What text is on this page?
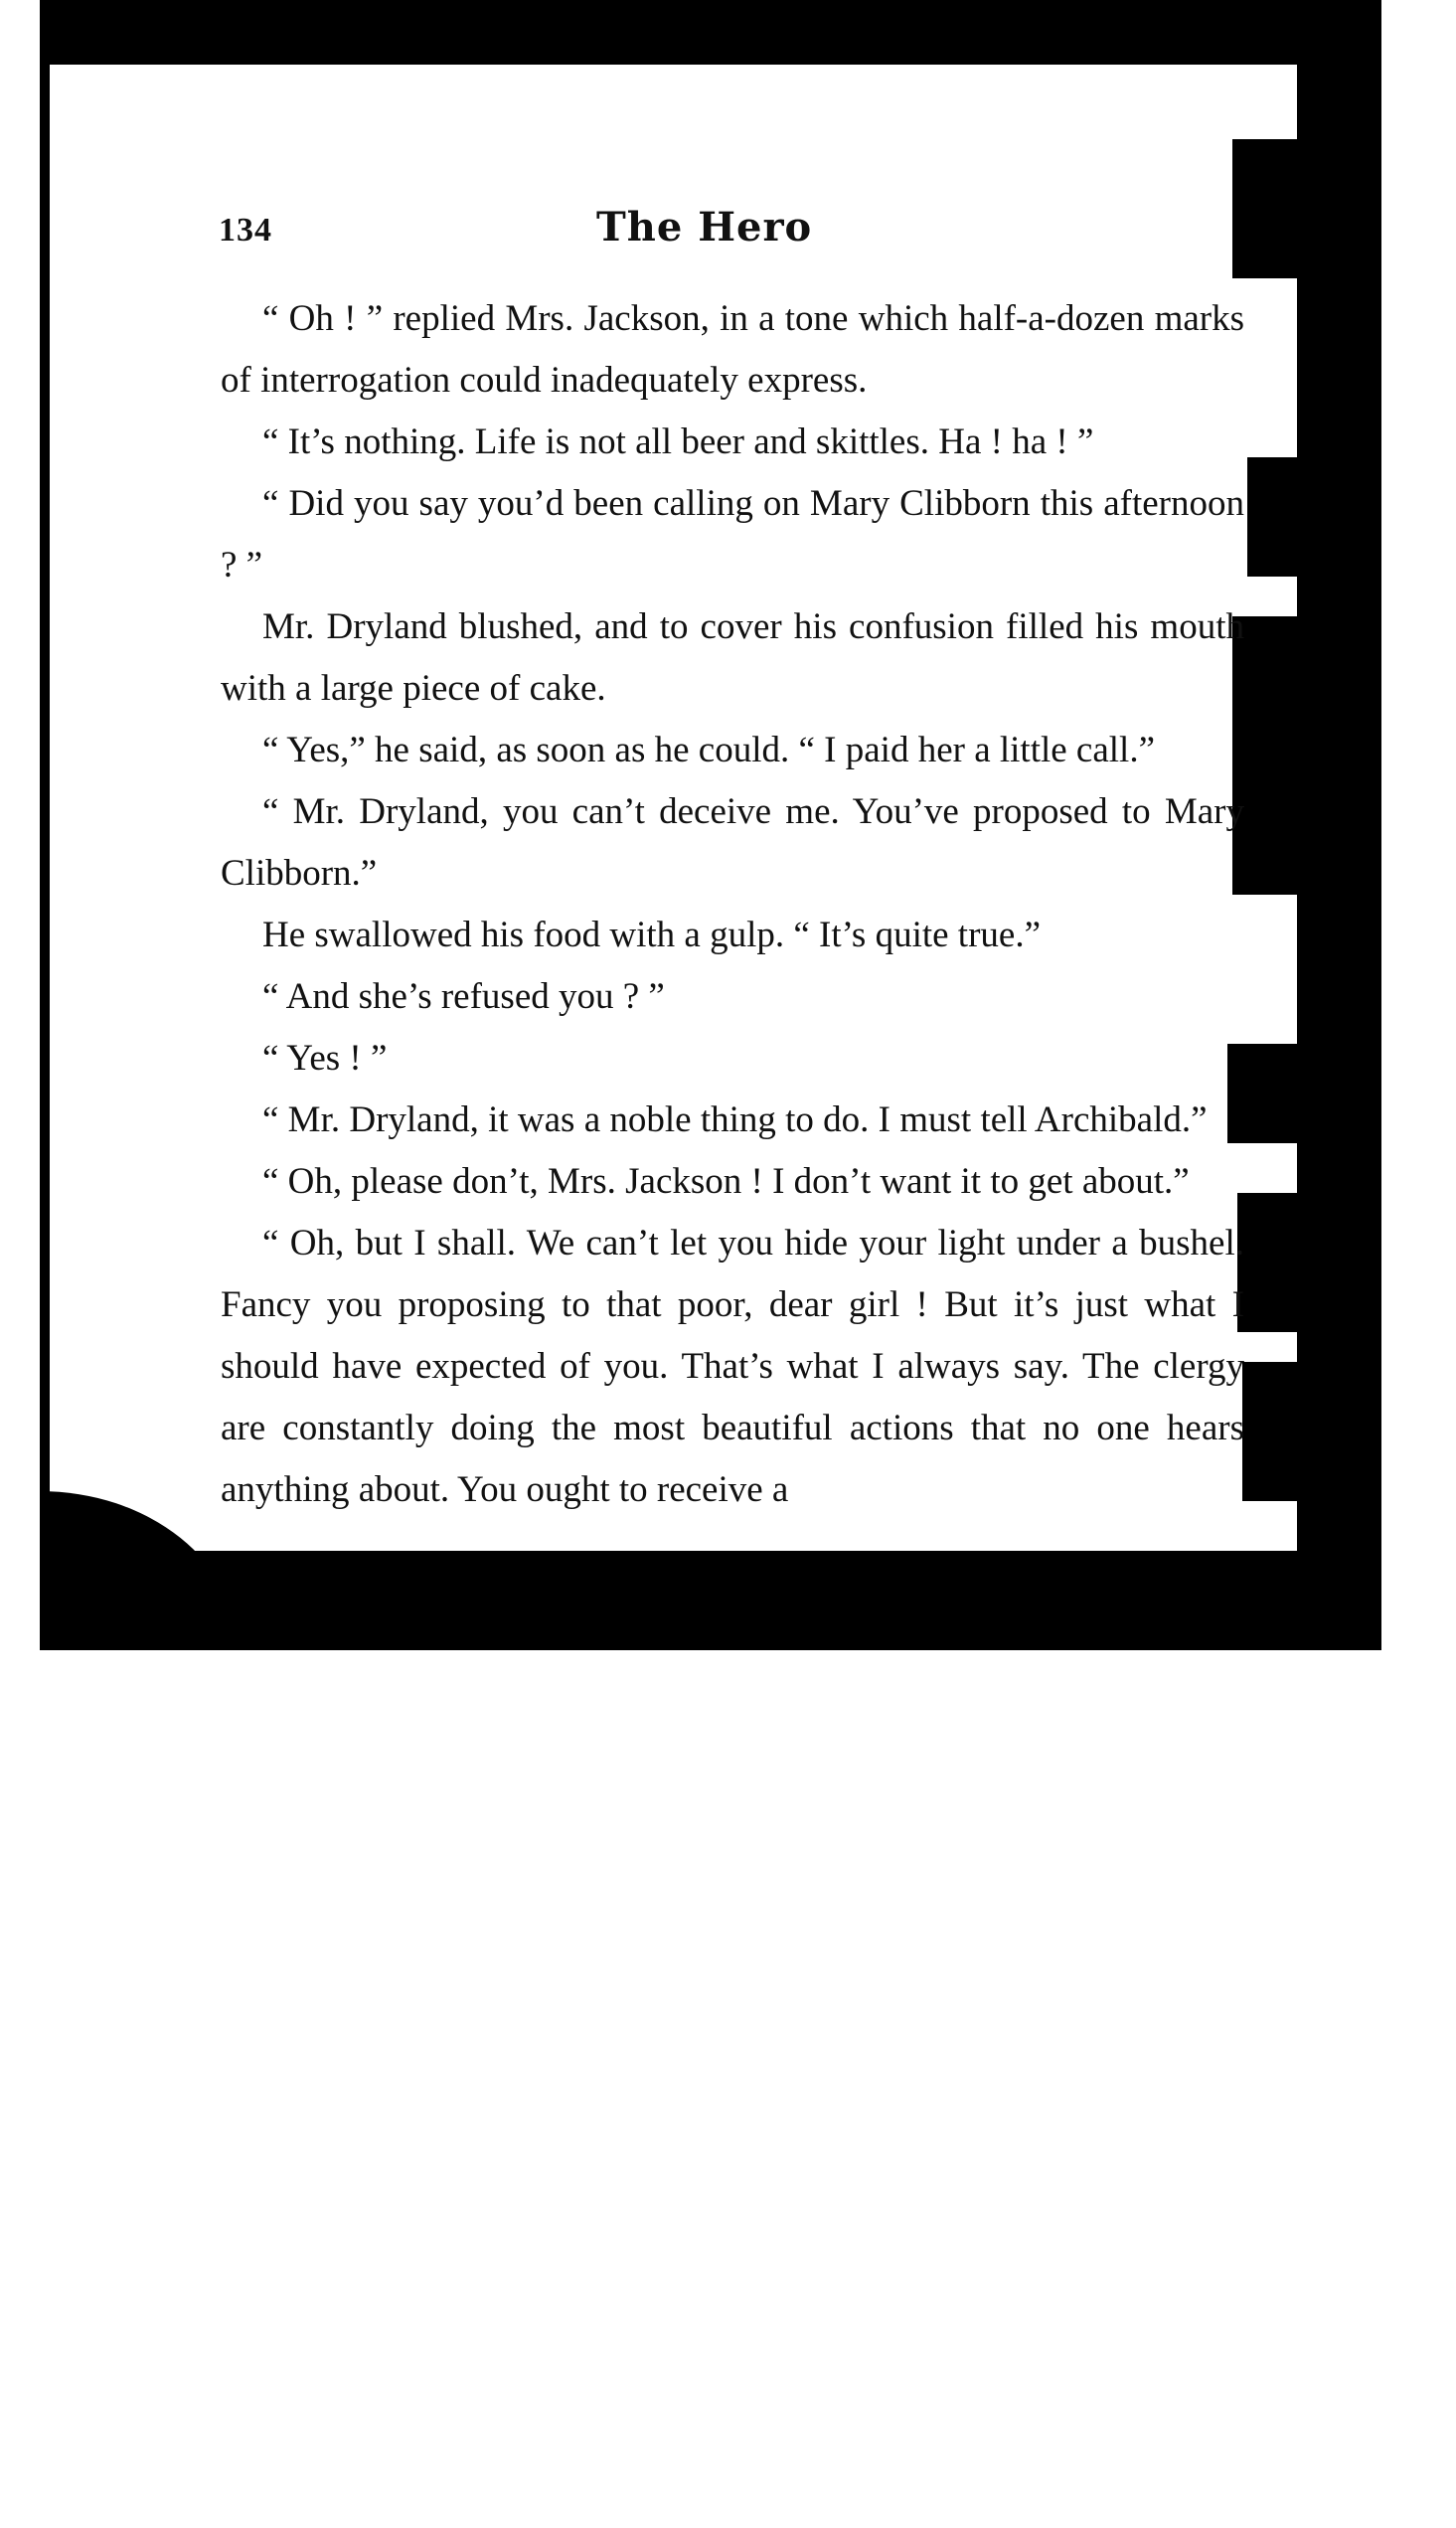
134	The Hero

“ Oh ! ” replied Mrs. Jackson, in a tone which half-a-dozen marks of interrogation could inadequately express.

“ It’s nothing. Life is not all beer and skittles. Ha ! ha ! ”

“ Did you say you’d been calling on Mary Clibborn this afternoon ? ”

Mr. Dryland blushed, and to cover his confusion filled his mouth with a large piece of cake.

“ Yes,” he said, as soon as he could. “ I paid her a little call.”

“ Mr. Dryland, you can’t deceive me. You’ve proposed to Mary Clibborn.”

He swallowed his food with a gulp. “ It’s quite true.”

“ And she’s refused you ? ”

“ Yes ! ”

“ Mr. Dryland, it was a noble thing to do. I must tell Archibald.”

“ Oh, please don’t, Mrs. Jackson ! I don’t want it to get about.”

“ Oh, but I shall. We can’t let you hide your light under a bushel. Fancy you proposing to that poor, dear girl ! But it’s just what I should have expected of you. That’s what I always say. The clergy are constantly doing the most beautiful actions that no one hears anything about. You ought to receive a
